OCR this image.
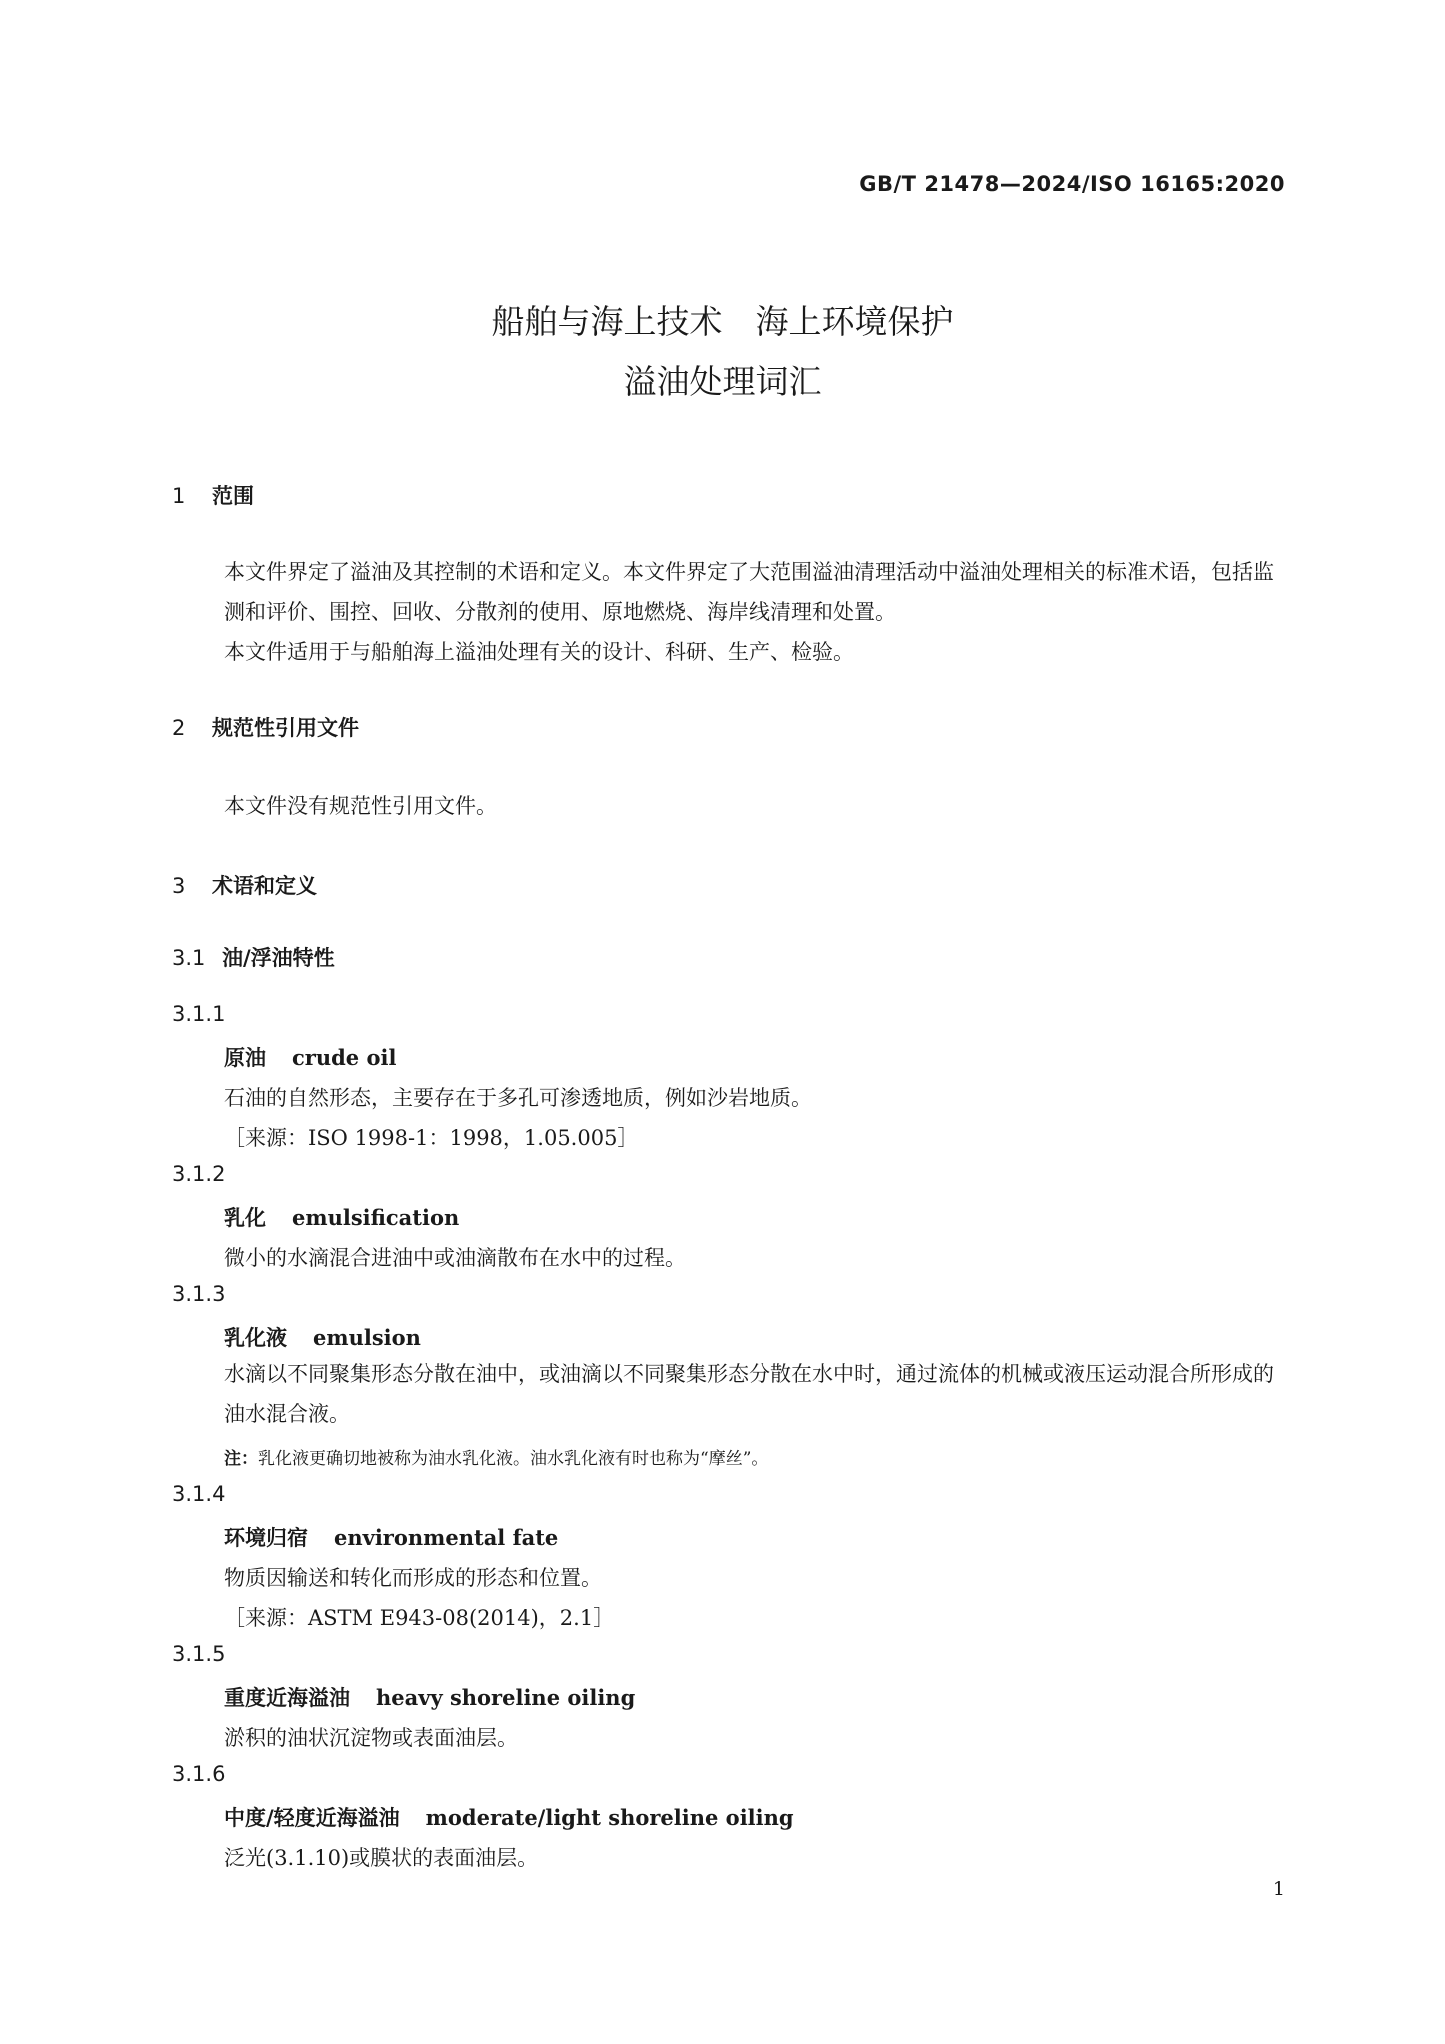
GB/T 21478—2024/ISO 16165:2020
船舶与海上技术　海上环境保护
溢油处理词汇
1 范围
本文件界定了溢油及其控制的术语和定义。本文件界定了大范围溢油清理活动中溢油处理相关的标准术语，包括监测和评价、围控、回收、分散剂的使用、原地燃烧、海岸线清理和处置。
本文件适用于与船舶海上溢油处理有关的设计、科研、生产、检验。
2 规范性引用文件
本文件没有规范性引用文件。
3 术语和定义
3.1 油/浮油特性
3.1.1
原油 crude oil
石油的自然形态，主要存在于多孔可渗透地质，例如沙岩地质。
［来源：ISO 1998-1：1998，1.05.005］
3.1.2
乳化 emulsification
微小的水滴混合进油中或油滴散布在水中的过程。
3.1.3
乳化液 emulsion
水滴以不同聚集形态分散在油中，或油滴以不同聚集形态分散在水中时，通过流体的机械或液压运动混合所形成的油水混合液。
注：乳化液更确切地被称为油水乳化液。油水乳化液有时也称为“摩丝”。
3.1.4
环境归宿 environmental fate
物质因输送和转化而形成的形态和位置。
［来源：ASTM E943-08(2014)，2.1］
3.1.5
重度近海溢油 heavy shoreline oiling
淤积的油状沉淀物或表面油层。
3.1.6
中度/轻度近海溢油 moderate/light shoreline oiling
泛光(3.1.10)或膜状的表面油层。
1
